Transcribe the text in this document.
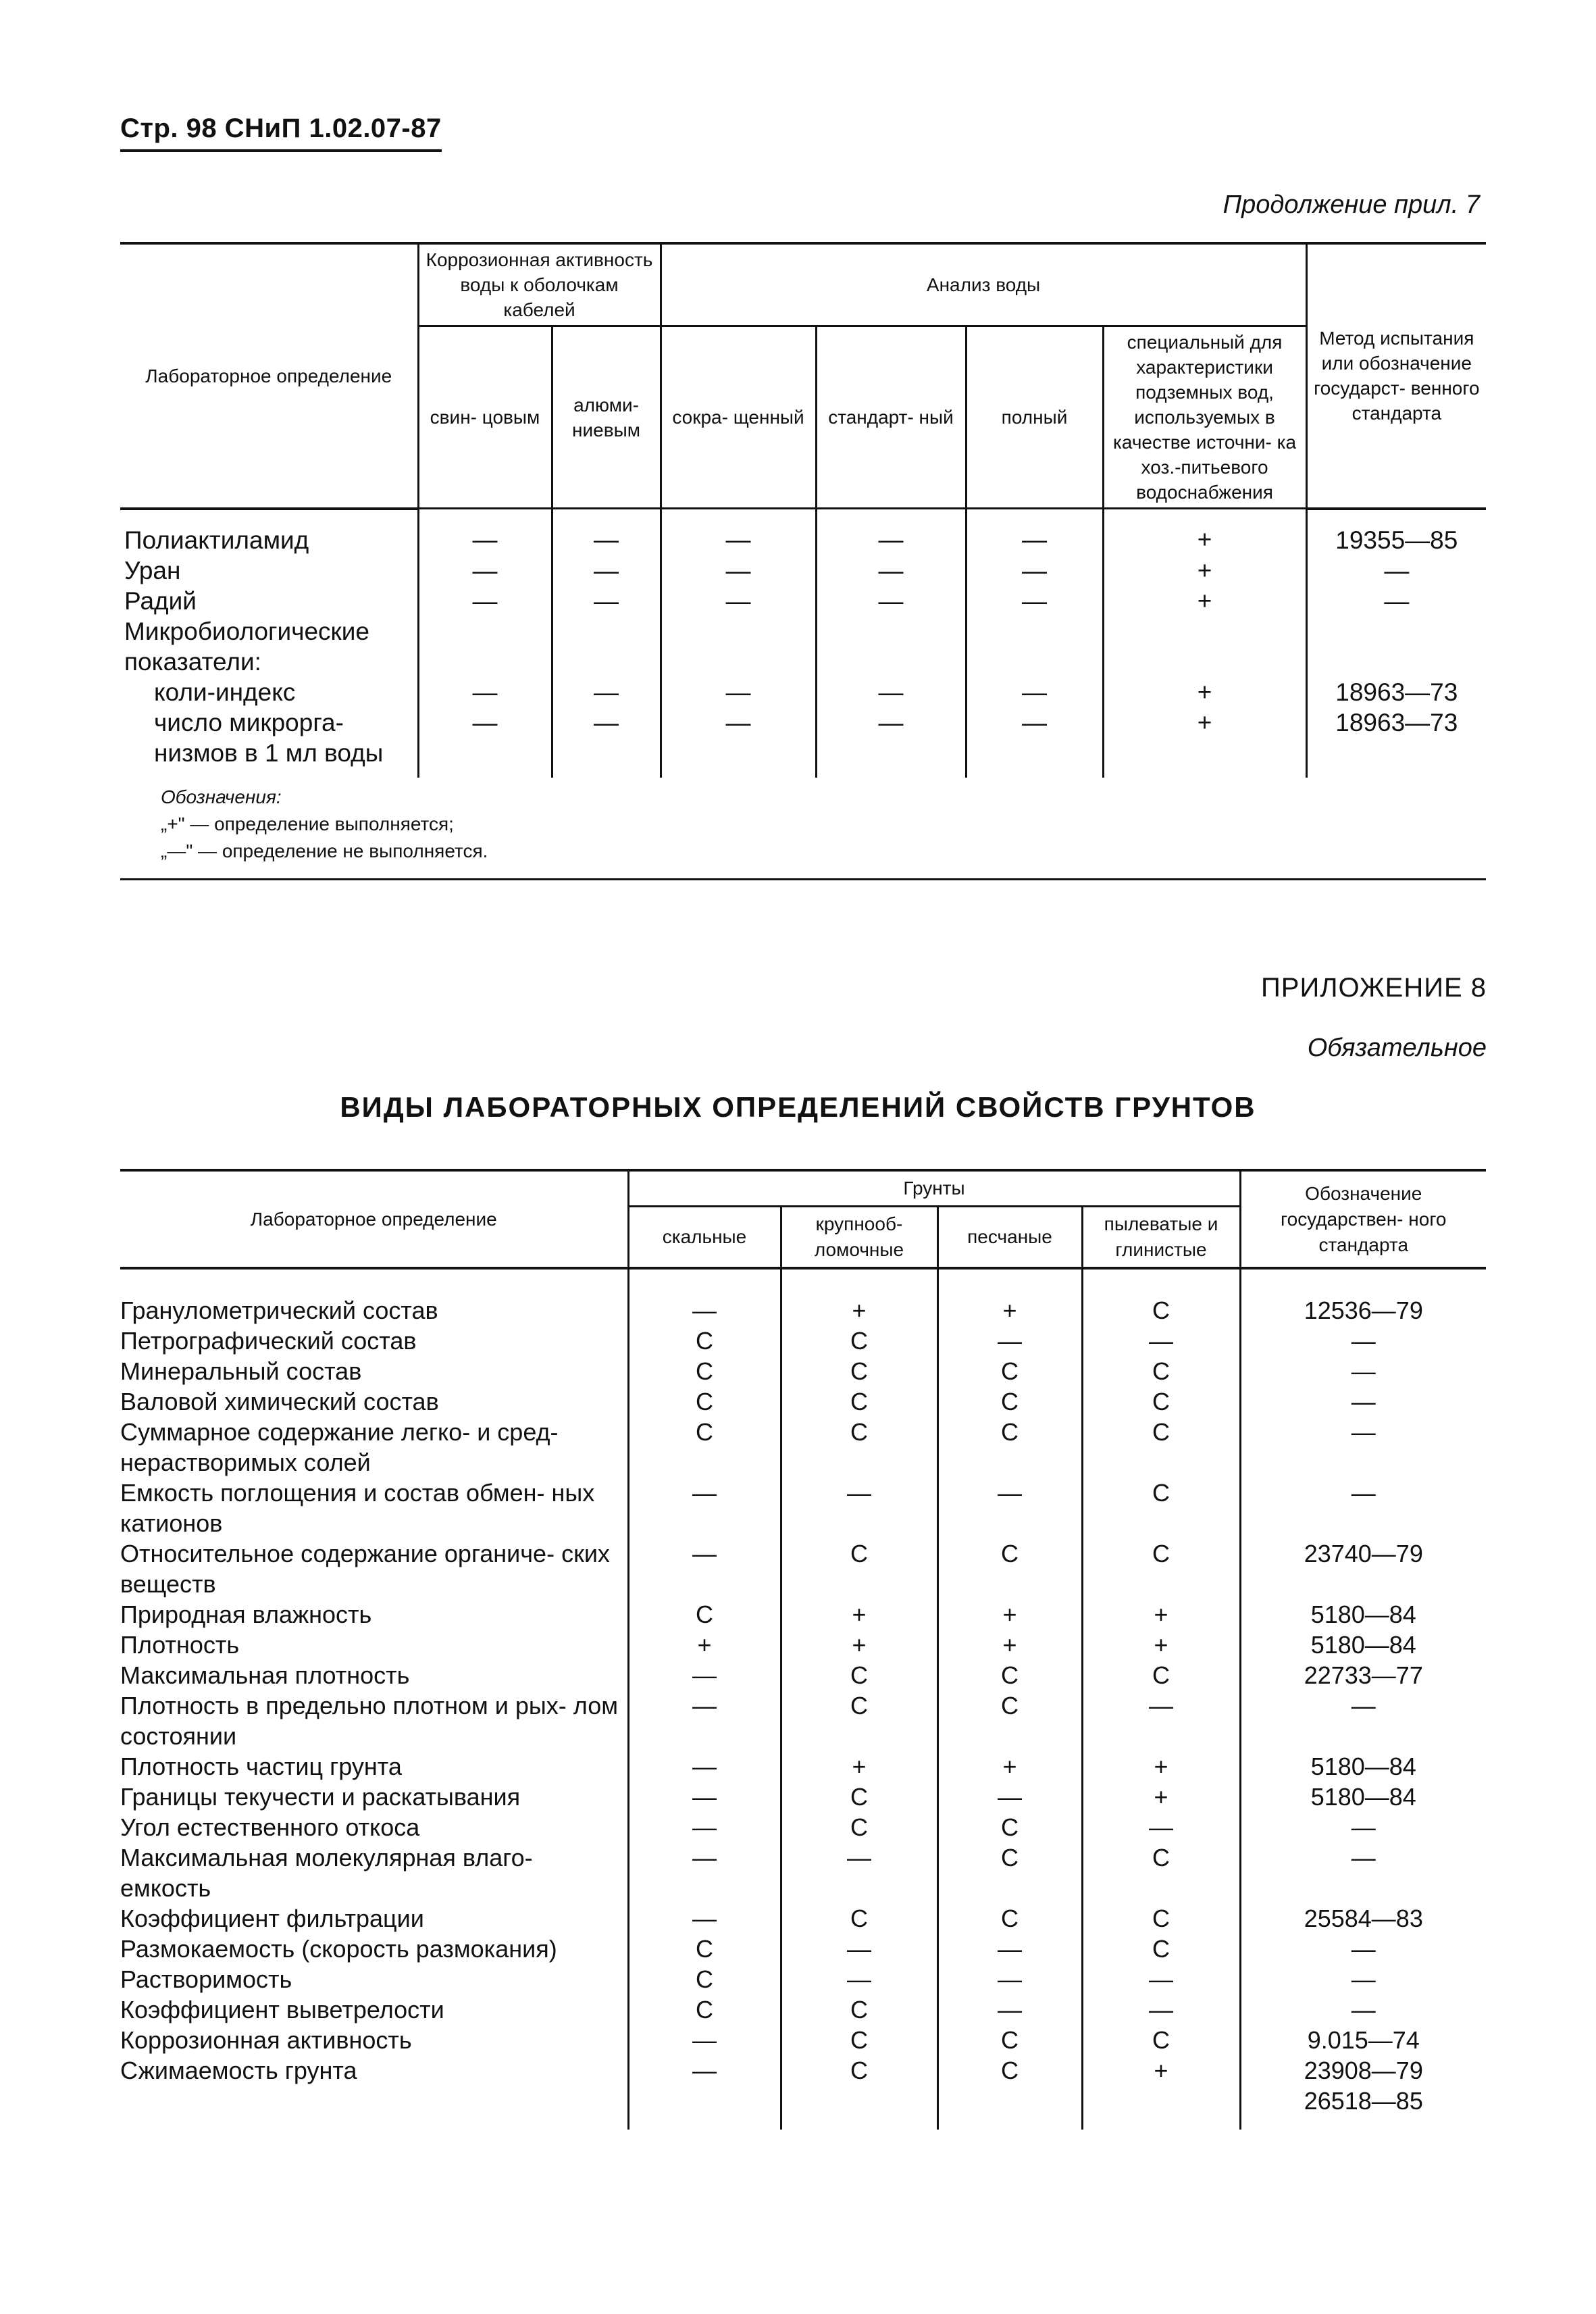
Стр. 98 СНиП 1.02.07-87
Продолжение прил. 7
Лабораторное определение	Коррозионная активность воды к оболочкам кабелей		Анализ воды				Метод испытания или обозначение государст- венного стандарта
	свин- цовым	алюми- ниевым	сокра- щенный	стандарт- ный	полный	специальный для характеристики подземных вод, используемых в качестве источни- ка хоз.-питьевого водоснабжения	

Полиактиламид	—	—	—	—	—	+	19355—85
Уран	—	—	—	—	—	+	—
Радий	—	—	—	—	—	+	—
Микробиологические показатели:							
коли-индекс	—	—	—	—	—	+	18963—73
число микрорга- низмов в 1 мл воды	—	—	—	—	—	+	18963—73
Обозначения:
„+" — определение выполняется;
„—" — определение не выполняется.
ПРИЛОЖЕНИЕ 8
Обязательное
ВИДЫ ЛАБОРАТОРНЫХ ОПРЕДЕЛЕНИЙ СВОЙСТВ ГРУНТОВ
Лабораторное определение	Грунты				Обозначение государствен- ного стандарта
	скальные	крупнооб- ломочные	песчаные	пылеватые и глинистые	
Гранулометрический состав	—	+	+	С	12536—79

Петрографический состав	С	С	—	—	—

Минеральный состав	С	С	С	С	—

Валовой химический состав	С	С	С	С	—

Суммарное содержание легко- и сред- нерастворимых солей	С	С	С	С	—

Емкость поглощения и состав обмен- ных катионов	—	—	—	С	—

Относительное содержание органиче- ских веществ	—	С	С	С	23740—79

Природная влажность	С	+	+	+	5180—84

Плотность	+	+	+	+	5180—84

Максимальная плотность	—	С	С	С	22733—77

Плотность в предельно плотном и рых- лом состоянии	—	С	С	—	—

Плотность частиц грунта	—	+	+	+	5180—84

Границы текучести и раскатывания	—	С	—	+	5180—84

Угол естественного откоса	—	С	С	—	—

Максимальная молекулярная влаго- емкость	—	—	С	С	—

Коэффициент фильтрации	—	С	С	С	25584—83

Размокаемость (скорость размокания)	С	—	—	С	—

Растворимость	С	—	—	—	—

Коэффициент выветрелости	С	С	—	—	—

Коррозионная активность	—	С	С	С	9.015—74

Сжимаемость грунта	—	С	С	+	23908—79
26518—85
